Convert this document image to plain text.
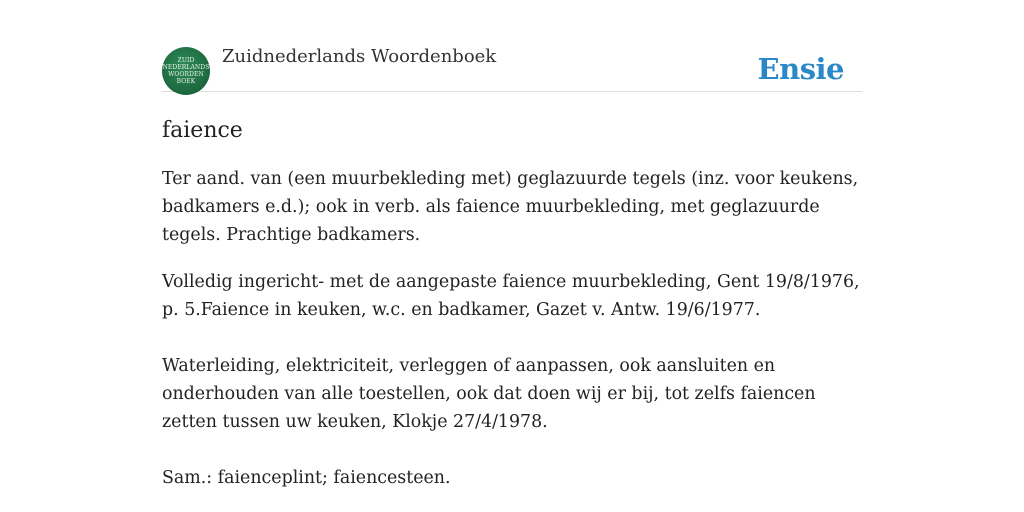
ZUID
NEDERLANDS
WOORDEN
BOEK
Zuidnederlands Woordenboek	Ensie
faience

Ter aand. van (een muurbekleding met) geglazuurde tegels (inz. voor keukens, badkamers e.d.); ook in verb. als faience muurbekleding, met geglazuurde tegels. Prachtige badkamers.

Volledig ingericht- met de aangepaste faience muurbekleding, Gent 19/8/1976, p. 5.Faience in keuken, w.c. en badkamer, Gazet v. Antw. 19/6/1977.

Waterleiding, elektriciteit, verleggen of aanpassen, ook aansluiten en onderhouden van alle toestellen, ook dat doen wij er bij, tot zelfs faiencen zetten tussen uw keuken, Klokje 27/4/1978.

Sam.: faienceplint; faiencesteen.
